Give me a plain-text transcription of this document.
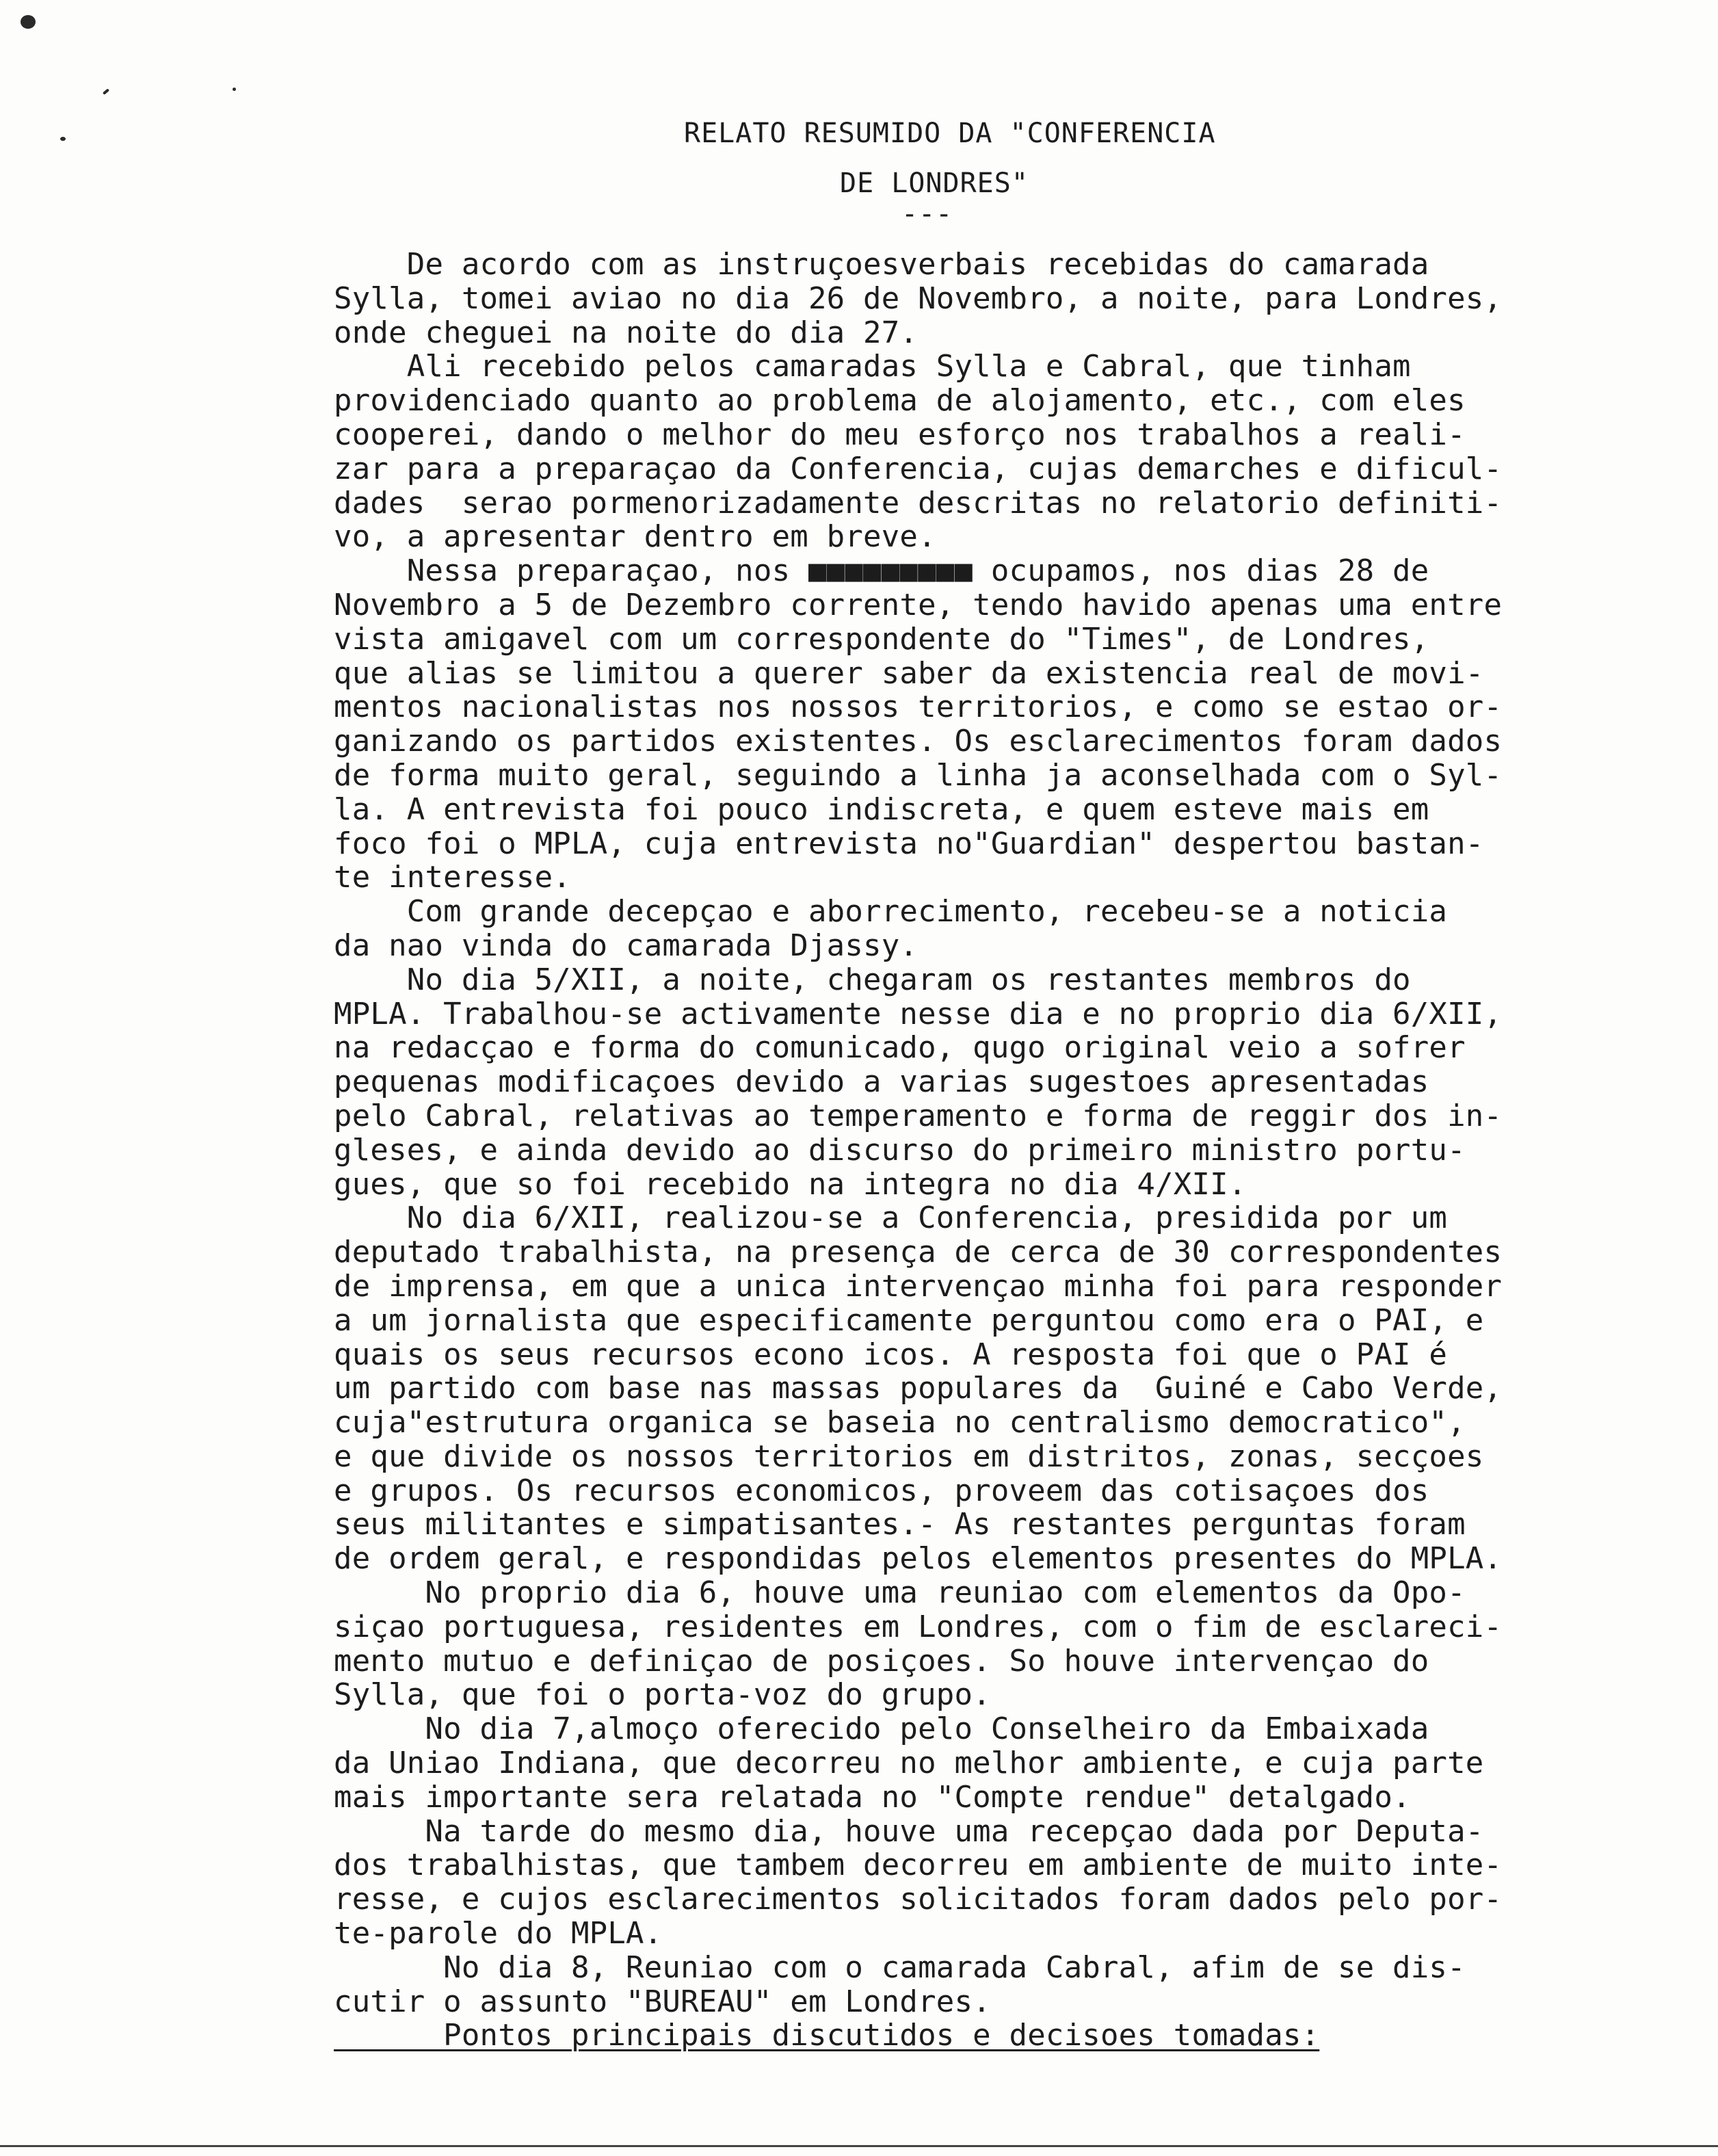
RELATO RESUMIDO DA "CONFERENCIA
DE LONDRES"
---
De acordo com as instruçoesverbais recebidas do camarada
Sylla, tomei aviao no dia 26 de Novembro, a noite, para Londres,
onde cheguei na noite do dia 27.
Ali recebido pelos camaradas Sylla e Cabral, que tinham
providenciado quanto ao problema de alojamento, etc., com eles
cooperei, dando o melhor do meu esforço nos trabalhos a reali-
zar para a preparaçao da Conferencia, cujas demarches e dificul-
dades  serao pormenorizadamente descritas no relatorio definiti-
vo, a apresentar dentro em breve.
Nessa preparaçao, nos ■■■■■■■■■ ocupamos, nos dias 28 de
Novembro a 5 de Dezembro corrente, tendo havido apenas uma entre
vista amigavel com um correspondente do "Times", de Londres,
que alias se limitou a querer saber da existencia real de movi-
mentos nacionalistas nos nossos territorios, e como se estao or-
ganizando os partidos existentes. Os esclarecimentos foram dados
de forma muito geral, seguindo a linha ja aconselhada com o Syl-
la. A entrevista foi pouco indiscreta, e quem esteve mais em
foco foi o MPLA, cuja entrevista no"Guardian" despertou bastan-
te interesse.
Com grande decepçao e aborrecimento, recebeu-se a noticia
da nao vinda do camarada Djassy.
No dia 5/XII, a noite, chegaram os restantes membros do
MPLA. Trabalhou-se activamente nesse dia e no proprio dia 6/XII,
na redacçao e forma do comunicado, qugo original veio a sofrer
pequenas modificaçoes devido a varias sugestoes apresentadas
pelo Cabral, relativas ao temperamento e forma de reggir dos in-
gleses, e ainda devido ao discurso do primeiro ministro portu-
gues, que so foi recebido na integra no dia 4/XII.
No dia 6/XII, realizou-se a Conferencia, presidida por um
deputado trabalhista, na presença de cerca de 30 correspondentes
de imprensa, em que a unica intervençao minha foi para responder
a um jornalista que especificamente perguntou como era o PAI, e
quais os seus recursos econo icos. A resposta foi que o PAI é
um partido com base nas massas populares da  Guiné e Cabo Verde,
cuja"estrutura organica se baseia no centralismo democratico",
e que divide os nossos territorios em distritos, zonas, secçoes
e grupos. Os recursos economicos, proveem das cotisaçoes dos
seus militantes e simpatisantes.- As restantes perguntas foram
de ordem geral, e respondidas pelos elementos presentes do MPLA.
No proprio dia 6, houve uma reuniao com elementos da Opo-
siçao portuguesa, residentes em Londres, com o fim de esclareci-
mento mutuo e definiçao de posiçoes. So houve intervençao do
Sylla, que foi o porta-voz do grupo.
No dia 7,almoço oferecido pelo Conselheiro da Embaixada
da Uniao Indiana, que decorreu no melhor ambiente, e cuja parte
mais importante sera relatada no "Compte rendue" detalgado.
Na tarde do mesmo dia, houve uma recepçao dada por Deputa-
dos trabalhistas, que tambem decorreu em ambiente de muito inte-
resse, e cujos esclarecimentos solicitados foram dados pelo por-
te-parole do MPLA.
No dia 8, Reuniao com o camarada Cabral, afim de se dis-
cutir o assunto "BUREAU" em Londres.
Pontos principais discutidos e decisoes tomadas:
